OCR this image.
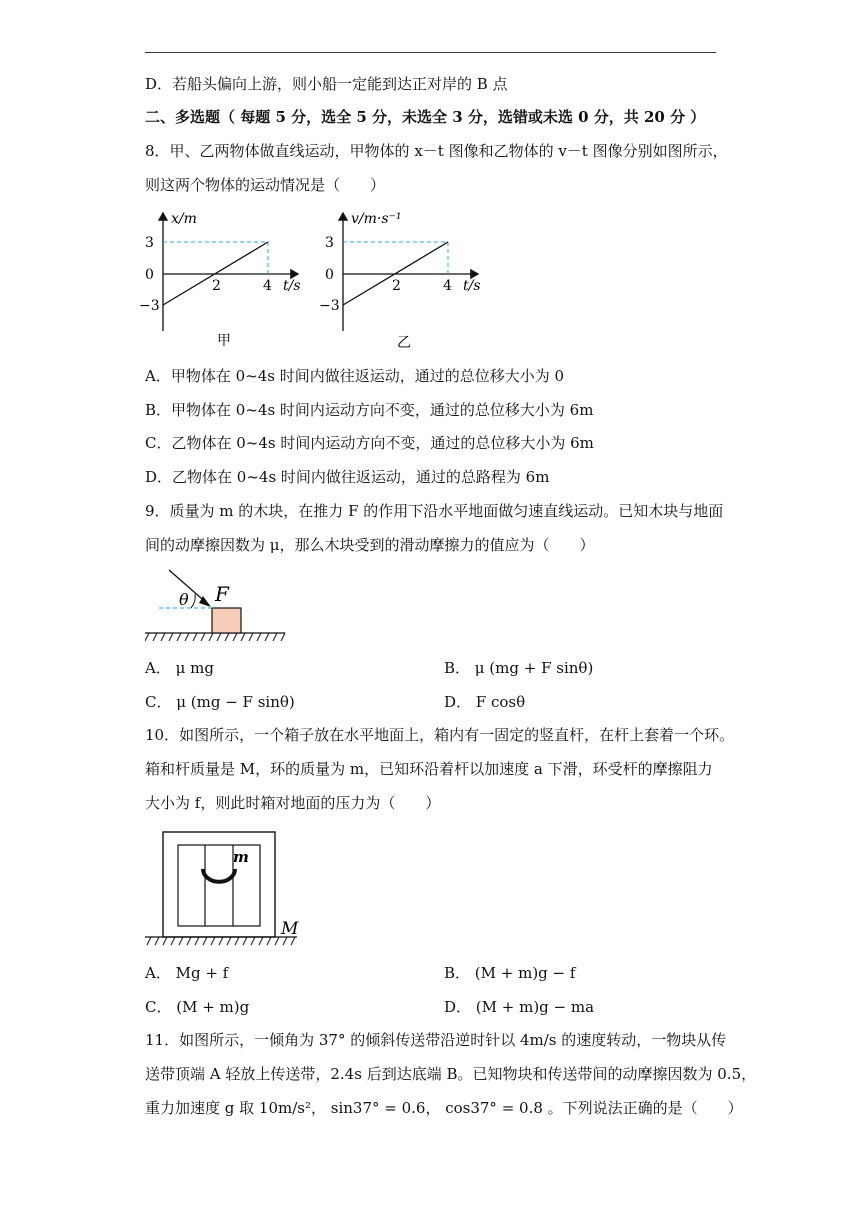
D．若船头偏向上游，则小船一定能到达正对岸的 B 点
二、多选题（ 每题 5 分，选全 5 分，未选全 3 分，选错或未选 0 分，共 20 分 ）
8．甲、乙两物体做直线运动，甲物体的 x－t 图像和乙物体的 v－t 图像分别如图所示，
则这两个物体的运动情况是（　　）
x/m
3
0
−3
2	4 t/s
甲
v/m·s⁻¹
3
0
−3
2	4 t/s
乙
A．甲物体在 0~4s 时间内做往返运动，通过的总位移大小为 0
B．甲物体在 0~4s 时间内运动方向不变，通过的总位移大小为 6m
C．乙物体在 0~4s 时间内运动方向不变，通过的总位移大小为 6m
D．乙物体在 0~4s 时间内做往返运动，通过的总路程为 6m
9．质量为 m 的木块，在推力 F 的作用下沿水平地面做匀速直线运动。已知木块与地面
间的动摩擦因数为 μ，那么木块受到的滑动摩擦力的值应为（　　）
θ F
A． μ mg	B． μ (mg + F sinθ)
C． μ (mg − F sinθ)	D． F cosθ
10．如图所示，一个箱子放在水平地面上，箱内有一固定的竖直杆，在杆上套着一个环。
箱和杆质量是 M，环的质量为 m，已知环沿着杆以加速度 a 下滑，环受杆的摩擦阻力
大小为 f，则此时箱对地面的压力为（　　）
m
M
A． Mg + f	B． (M + m)g − f
C． (M + m)g	D． (M + m)g − ma
11．如图所示，一倾角为 37° 的倾斜传送带沿逆时针以 4m/s 的速度转动，一物块从传
送带顶端 A 轻放上传送带，2.4s 后到达底端 B。已知物块和传送带间的动摩擦因数为 0.5，
重力加速度 g 取 10m/s²， sin37° = 0.6， cos37° = 0.8 。下列说法正确的是（　　）
